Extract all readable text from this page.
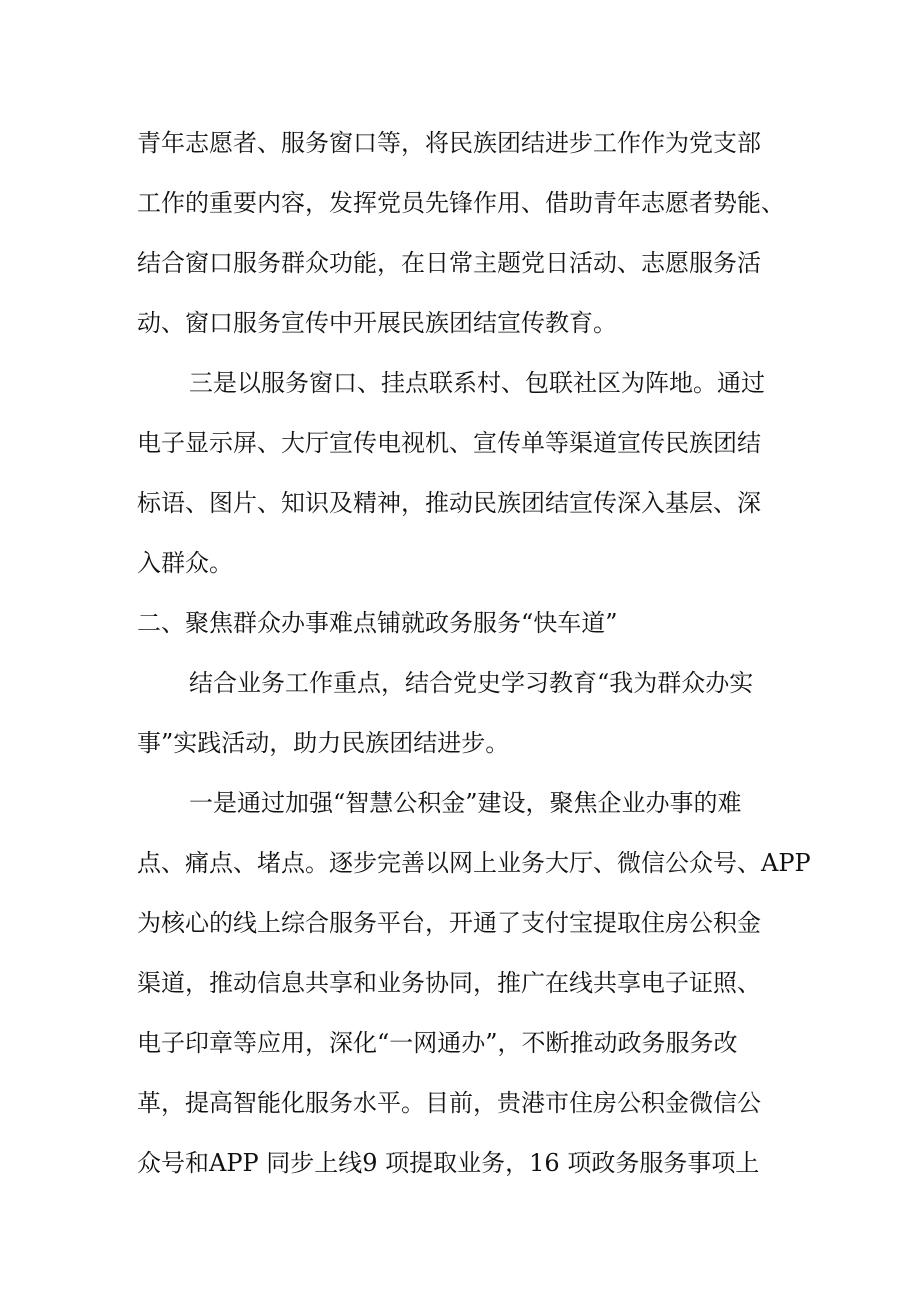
青年志愿者、服务窗口等，将民族团结进步工作作为党支部

工作的重要内容，发挥党员先锋作用、借助青年志愿者势能、

结合窗口服务群众功能，在日常主题党日活动、志愿服务活

动、窗口服务宣传中开展民族团结宣传教育。

三是以服务窗口、挂点联系村、包联社区为阵地。通过

电子显示屏、大厅宣传电视机、宣传单等渠道宣传民族团结

标语、图片、知识及精神，推动民族团结宣传深入基层、深

入群众。

二、聚焦群众办事难点铺就政务服务“快车道”

结合业务工作重点，结合党史学习教育“我为群众办实

事”实践活动，助力民族团结进步。

一是通过加强“智慧公积金”建设，聚焦企业办事的难

点、痛点、堵点。逐步完善以网上业务大厅、微信公众号、APP

为核心的线上综合服务平台，开通了支付宝提取住房公积金

渠道，推动信息共享和业务协同，推广在线共享电子证照、

电子印章等应用，深化“一网通办”，不断推动政务服务改

革，提高智能化服务水平。目前，贵港市住房公积金微信公

众号和APP 同步上线9 项提取业务，16 项政务服务事项上
